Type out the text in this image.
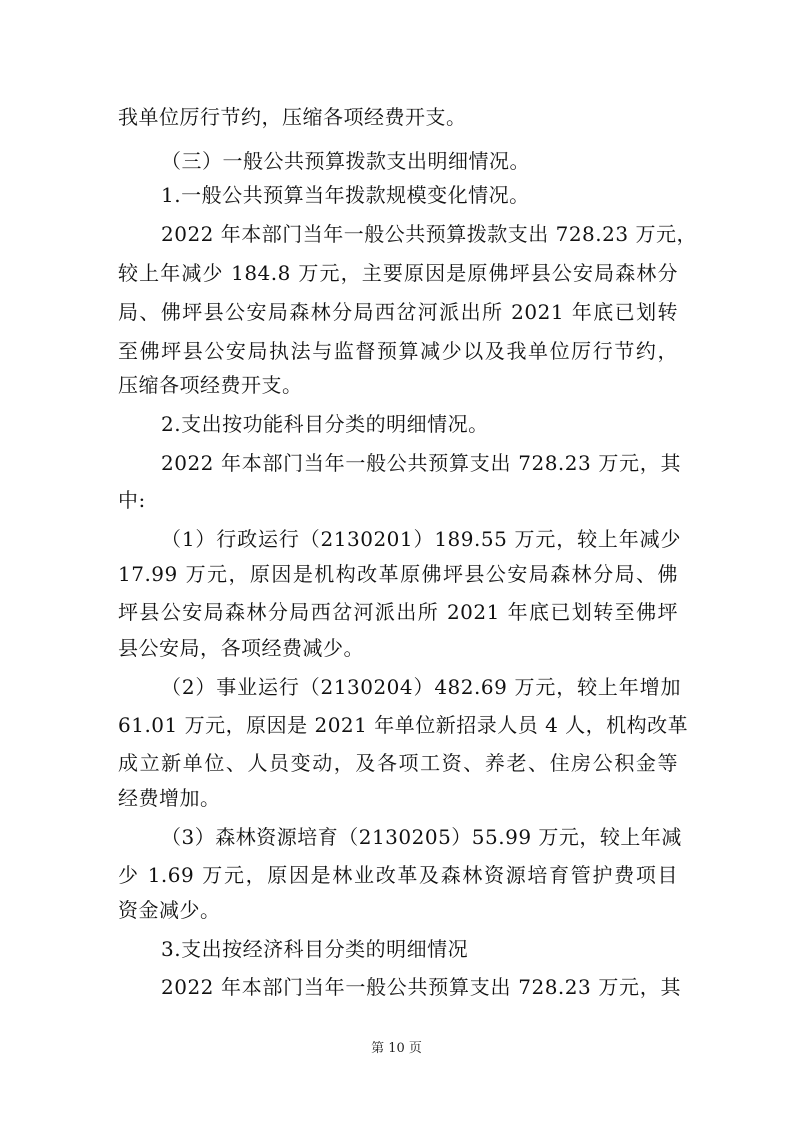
我单位厉行节约，压缩各项经费开支。
（三）一般公共预算拨款支出明细情况。
1.一般公共预算当年拨款规模变化情况。
2022 年本部门当年一般公共预算拨款支出 728.23 万元，
较上年减少 184.8 万元，主要原因是原佛坪县公安局森林分
局、佛坪县公安局森林分局西岔河派出所 2021 年底已划转
至佛坪县公安局执法与监督预算减少以及我单位厉行节约，
压缩各项经费开支。
2.支出按功能科目分类的明细情况。
2022 年本部门当年一般公共预算支出 728.23 万元，其
中:
（1）行政运行（2130201）189.55 万元，较上年减少
17.99 万元，原因是机构改革原佛坪县公安局森林分局、佛
坪县公安局森林分局西岔河派出所 2021 年底已划转至佛坪
县公安局，各项经费减少。
（2）事业运行（2130204）482.69 万元，较上年增加
61.01 万元，原因是 2021 年单位新招录人员 4 人，机构改革
成立新单位、人员变动，及各项工资、养老、住房公积金等
经费增加。
（3）森林资源培育（2130205）55.99 万元，较上年减
少 1.69 万元，原因是林业改革及森林资源培育管护费项目
资金减少。
3.支出按经济科目分类的明细情况
2022 年本部门当年一般公共预算支出 728.23 万元，其
第 10 页
